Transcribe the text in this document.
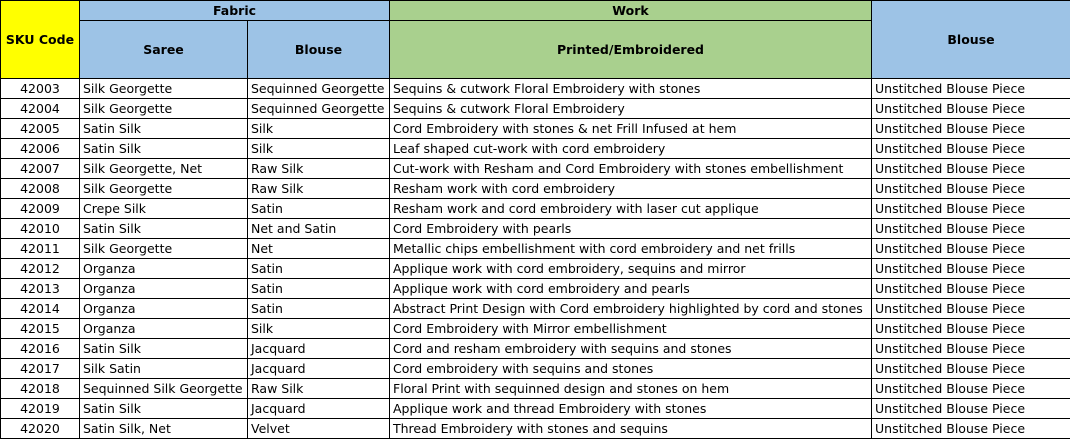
SKU Code	Fabric		Work	Blouse
	Saree	Blouse	Printed/Embroidered	
42003	Silk Georgette	Sequinned Georgette	Sequins & cutwork Floral Embroidery with stones	Unstitched Blouse Piece
42004	Silk Georgette	Sequinned Georgette	Sequins & cutwork Floral Embroidery	Unstitched Blouse Piece
42005	Satin Silk	Silk	Cord Embroidery with stones & net Frill Infused at hem	Unstitched Blouse Piece
42006	Satin Silk	Silk	Leaf shaped cut-work with cord embroidery	Unstitched Blouse Piece
42007	Silk Georgette, Net	Raw Silk	Cut-work with Resham and Cord Embroidery with stones embellishment	Unstitched Blouse Piece
42008	Silk Georgette	Raw Silk	Resham work with cord embroidery	Unstitched Blouse Piece
42009	Crepe Silk	Satin	Resham work and cord embroidery with laser cut applique	Unstitched Blouse Piece
42010	Satin Silk	Net and Satin	Cord Embroidery with pearls	Unstitched Blouse Piece
42011	Silk Georgette	Net	Metallic chips embellishment with cord embroidery and net frills	Unstitched Blouse Piece
42012	Organza	Satin	Applique work with cord embroidery, sequins and mirror	Unstitched Blouse Piece
42013	Organza	Satin	Applique work with cord embroidery and pearls	Unstitched Blouse Piece
42014	Organza	Satin	Abstract Print Design with Cord embroidery highlighted by cord and stones	Unstitched Blouse Piece
42015	Organza	Silk	Cord Embroidery with Mirror embellishment	Unstitched Blouse Piece
42016	Satin Silk	Jacquard	Cord and resham embroidery with sequins and stones	Unstitched Blouse Piece
42017	Silk Satin	Jacquard	Cord embroidery with sequins and stones	Unstitched Blouse Piece
42018	Sequinned Silk Georgette	Raw Silk	Floral Print with sequinned design and stones on hem	Unstitched Blouse Piece
42019	Satin Silk	Jacquard	Applique work and thread Embroidery with stones	Unstitched Blouse Piece
42020	Satin Silk, Net	Velvet	Thread Embroidery with stones and sequins	Unstitched Blouse Piece
